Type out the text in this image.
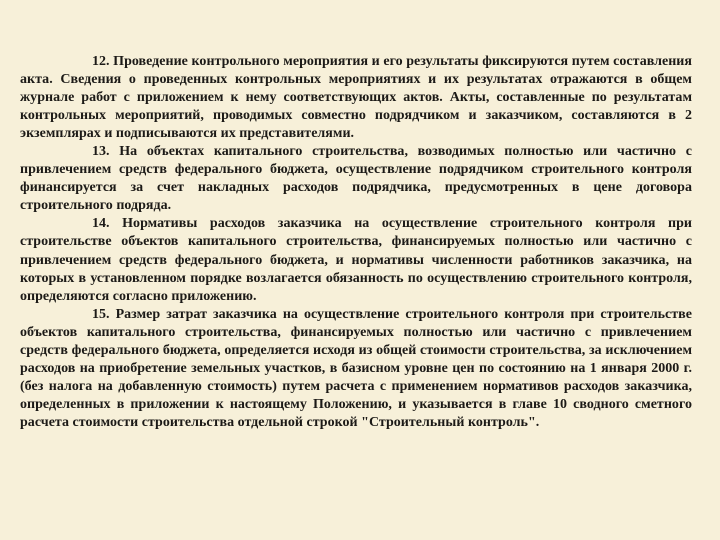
12. Проведение контрольного мероприятия и его результаты фиксируются путем составления акта. Сведения о проведенных контрольных мероприятиях и их результатах отражаются в общем журнале работ с приложением к нему соответствующих актов. Акты, составленные по результатам контрольных мероприятий, проводимых совместно подрядчиком и заказчиком, составляются в 2 экземплярах и подписываются их представителями.

13. На объектах капитального строительства, возводимых полностью или частично с привлечением средств федерального бюджета, осуществление подрядчиком строительного контроля финансируется за счет накладных расходов подрядчика, предусмотренных в цене договора строительного подряда.

14. Нормативы расходов заказчика на осуществление строительного контроля при строительстве объектов капитального строительства, финансируемых полностью или частично с привлечением средств федерального бюджета, и нормативы численности работников заказчика, на которых в установленном порядке возлагается обязанность по осуществлению строительного контроля, определяются согласно приложению.

15. Размер затрат заказчика на осуществление строительного контроля при строительстве объектов капитального строительства, финансируемых полностью или частично с привлечением средств федерального бюджета, определяется исходя из общей стоимости строительства, за исключением расходов на приобретение земельных участков, в базисном уровне цен по состоянию на 1 января 2000 г. (без налога на добавленную стоимость) путем расчета с применением нормативов расходов заказчика, определенных в приложении к настоящему Положению, и указывается в главе 10 сводного сметного расчета стоимости строительства отдельной строкой "Строительный контроль".
